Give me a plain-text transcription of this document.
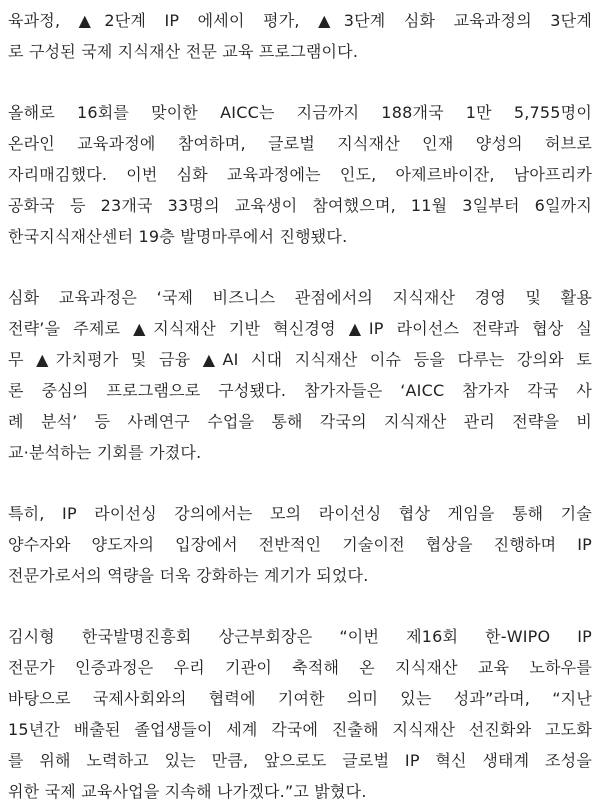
육과정, ▲2단계 IP 에세이 평가, ▲3단계 심화 교육과정의 3단계
로 구성된 국제 지식재산 전문 교육 프로그램이다.
올해로 16회를 맞이한 AICC는 지금까지 188개국 1만 5,755명이
온라인 교육과정에 참여하며, 글로벌 지식재산 인재 양성의 허브로
자리매김했다. 이번 심화 교육과정에는 인도, 아제르바이잔, 남아프리카
공화국 등 23개국 33명의 교육생이 참여했으며, 11월 3일부터 6일까지
한국지식재산센터 19층 발명마루에서 진행됐다.
심화 교육과정은 ‘국제 비즈니스 관점에서의 지식재산 경영 및 활용
전략’을 주제로 ▲지식재산 기반 혁신경영 ▲IP 라이선스 전략과 협상 실
무 ▲가치평가 및 금융 ▲AI 시대 지식재산 이슈 등을 다루는 강의와 토
론 중심의 프로그램으로 구성됐다. 참가자들은 ‘AICC 참가자 각국 사
례 분석’ 등 사례연구 수업을 통해 각국의 지식재산 관리 전략을 비
교·분석하는 기회를 가졌다.
특히, IP 라이선싱 강의에서는 모의 라이선싱 협상 게임을 통해 기술
양수자와 양도자의 입장에서 전반적인 기술이전 협상을 진행하며 IP
전문가로서의 역량을 더욱 강화하는 계기가 되었다.
김시형 한국발명진흥회 상근부회장은 “이번 제16회 한-WIPO IP
전문가 인증과정은 우리 기관이 축적해 온 지식재산 교육 노하우를
바탕으로 국제사회와의 협력에 기여한 의미 있는 성과”라며, “지난
15년간 배출된 졸업생들이 세계 각국에 진출해 지식재산 선진화와 고도화
를 위해 노력하고 있는 만큼, 앞으로도 글로벌 IP 혁신 생태계 조성을
위한 국제 교육사업을 지속해 나가겠다.”고 밝혔다.
